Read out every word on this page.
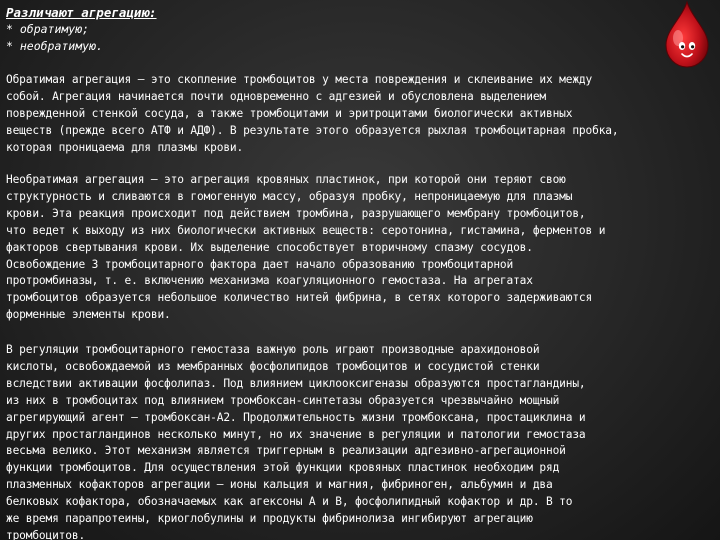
Различают агрегацию:

* обратимую;
* необратимую.
Обратимая агрегация – это скопление тромбоцитов у места повреждения и склеивание их между
собой. Агрегация начинается почти одновременно с адгезией и обусловлена выделением
поврежденной стенкой сосуда, а также тромбоцитами и эритроцитами биологически активных
веществ (прежде всего АТФ и АДФ). В результате этого образуется рыхлая тромбоцитарная пробка,
которая проницаема для плазмы крови.
Необратимая агрегация – это агрегация кровяных пластинок, при которой они теряют свою
структурность и сливаются в гомогенную массу, образуя пробку, непроницаемую для плазмы
крови. Эта реакция происходит под действием тромбина, разрушающего мембрану тромбоцитов,
что ведет к выходу из них биологически активных веществ: серотонина, гистамина, ферментов и
факторов свертывания крови. Их выделение способствует вторичному спазму сосудов.
Освобождение 3 тромбоцитарного фактора дает начало образованию тромбоцитарной
протромбиназы, т. е. включению механизма коагуляционного гемостаза. На агрегатах
тромбоцитов образуется небольшое количество нитей фибрина, в сетях которого задерживаются
форменные элементы крови.
В регуляции тромбоцитарного гемостаза важную роль играют производные арахидоновой
кислоты, освобождаемой из мембранных фосфолипидов тромбоцитов и сосудистой стенки
вследствии активации фосфолипаз. Под влиянием циклооксигеназы образуются простагландины,
из них в тромбоцитах под влиянием тромбоксан-синтетазы образуется чрезвычайно мощный
агрегирующий агент – тромбоксан-А2. Продолжительность жизни тромбоксана, простациклина и
других простагландинов несколько минут, но их значение в регуляции и патологии гемостаза
весьма велико. Этот механизм является триггерным в реализации адгезивно-агрегационной
функции тромбоцитов. Для осуществления этой функции кровяных пластинок необходим ряд
плазменных кофакторов агрегации – ионы кальция и магния, фибриноген, альбумин и два
белковых кофактора, обозначаемых как агексоны А и В, фосфолипидный кофактор и др. В то
же время парапротеины, криоглобулины и продукты фибринолиза ингибируют агрегацию
тромбоцитов.
